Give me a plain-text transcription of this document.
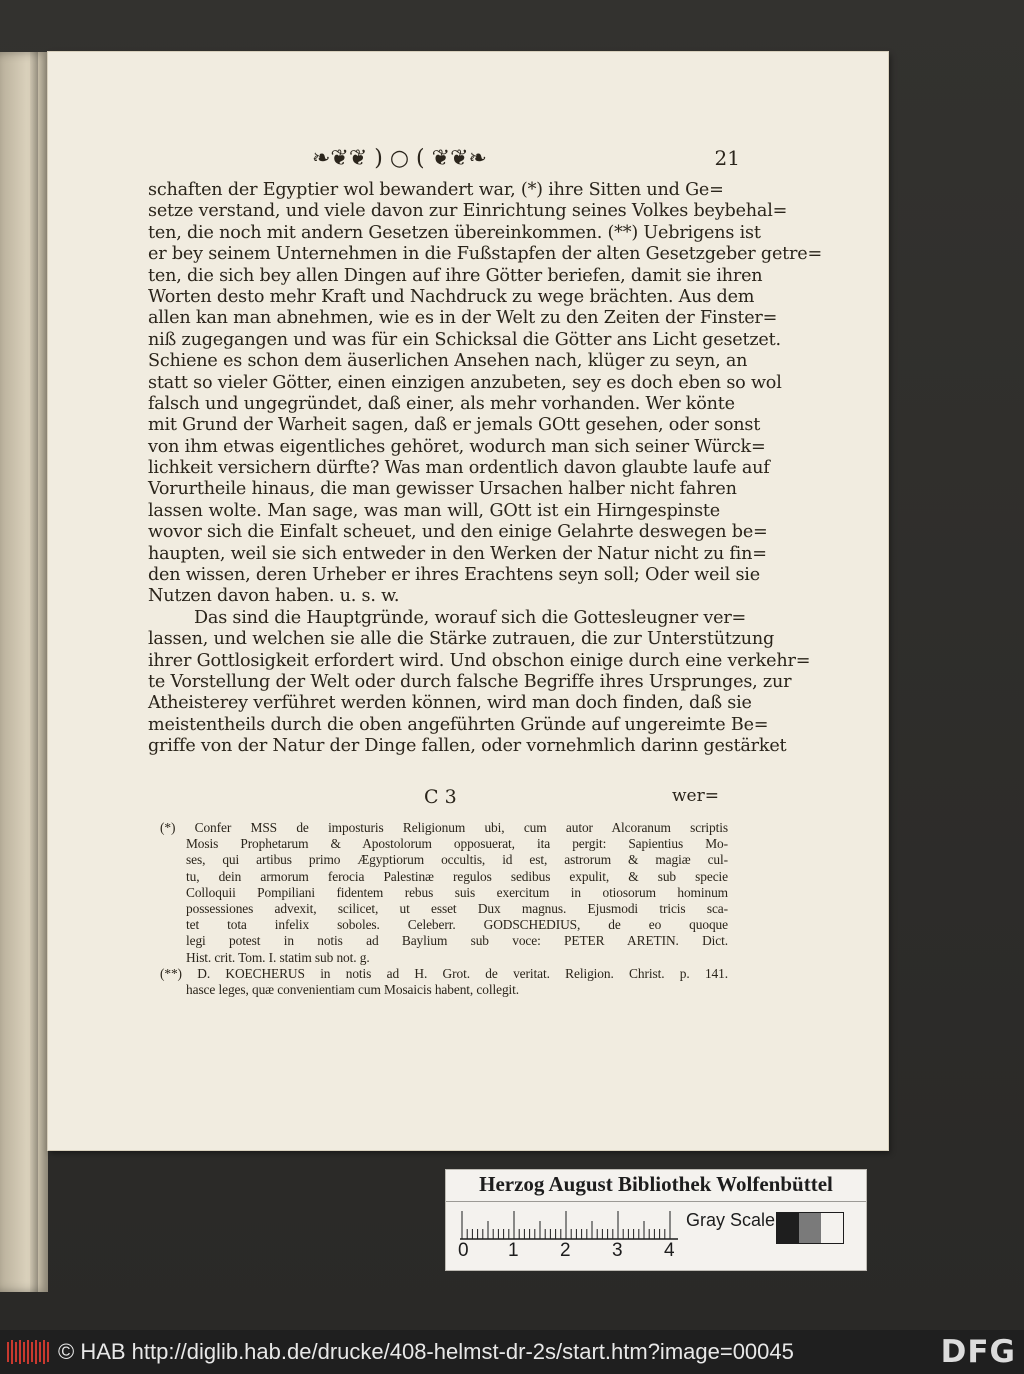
❧❦❦ ) ○ ( ❦❦❧	21
schaften der Egyptier wol bewandert war, (*) ihre Sitten und Ge=
setze verstand, und viele davon zur Einrichtung seines Volkes beybehal=
ten, die noch mit andern Gesetzen übereinkommen. (**) Uebrigens ist
er bey seinem Unternehmen in die Fußstapfen der alten Gesetzgeber getre=
ten, die sich bey allen Dingen auf ihre Götter beriefen, damit sie ihren
Worten desto mehr Kraft und Nachdruck zu wege brächten. Aus dem
allen kan man abnehmen, wie es in der Welt zu den Zeiten der Finster=
niß zugegangen und was für ein Schicksal die Götter ans Licht gesetzet.
Schiene es schon dem äuserlichen Ansehen nach, klüger zu seyn, an
statt so vieler Götter, einen einzigen anzubeten, sey es doch eben so wol
falsch und ungegründet, daß einer, als mehr vorhanden. Wer könte
mit Grund der Warheit sagen, daß er jemals GOtt gesehen, oder sonst
von ihm etwas eigentliches gehöret, wodurch man sich seiner Würck=
lichkeit versichern dürfte? Was man ordentlich davon glaubte laufe auf
Vorurtheile hinaus, die man gewisser Ursachen halber nicht fahren
lassen wolte. Man sage, was man will, GOtt ist ein Hirngespinste
wovor sich die Einfalt scheuet, und den einige Gelahrte deswegen be=
haupten, weil sie sich entweder in den Werken der Natur nicht zu fin=
den wissen, deren Urheber er ihres Erachtens seyn soll; Oder weil sie
Nutzen davon haben. u. s. w.
Das sind die Hauptgründe, worauf sich die Gottesleugner ver=
lassen, und welchen sie alle die Stärke zutrauen, die zur Unterstützung
ihrer Gottlosigkeit erfordert wird. Und obschon einige durch eine verkehr=
te Vorstellung der Welt oder durch falsche Begriffe ihres Ursprunges, zur
Atheisterey verführet werden können, wird man doch finden, daß sie
meistentheils durch die oben angeführten Gründe auf ungereimte Be=
griffe von der Natur der Dinge fallen, oder vornehmlich darinn gestärket
C 3	wer=
(*) Confer MSS de imposturis Religionum ubi, cum autor Alcoranum scriptis
Mosis Prophetarum & Apostolorum opposuerat, ita pergit: Sapientius Mo-
ses, qui artibus primo Ægyptiorum occultis, id est, astrorum & magiæ cul-
tu, dein armorum ferocia Palestinæ regulos sedibus expulit, & sub specie
Colloquii Pompiliani fidentem rebus suis exercitum in otiosorum hominum
possessiones advexit, scilicet, ut esset Dux magnus. Ejusmodi tricis sca-
tet tota infelix soboles. Celeberr. GODSCHEDIUS, de eo quoque
legi potest in notis ad Baylium sub voce: PETER ARETIN. Dict.
Hist. crit. Tom. I. statim sub not. g.
(**) D. KOECHERUS in notis ad H. Grot. de veritat. Religion. Christ. p. 141.
hasce leges, quæ convenientiam cum Mosaicis habent, collegit.
Herzog August Bibliothek Wolfenbüttel
0 1 2 3 4
Gray Scale
© HAB http://diglib.hab.de/drucke/408-helmst-dr-2s/start.htm?image=00045	DFG
